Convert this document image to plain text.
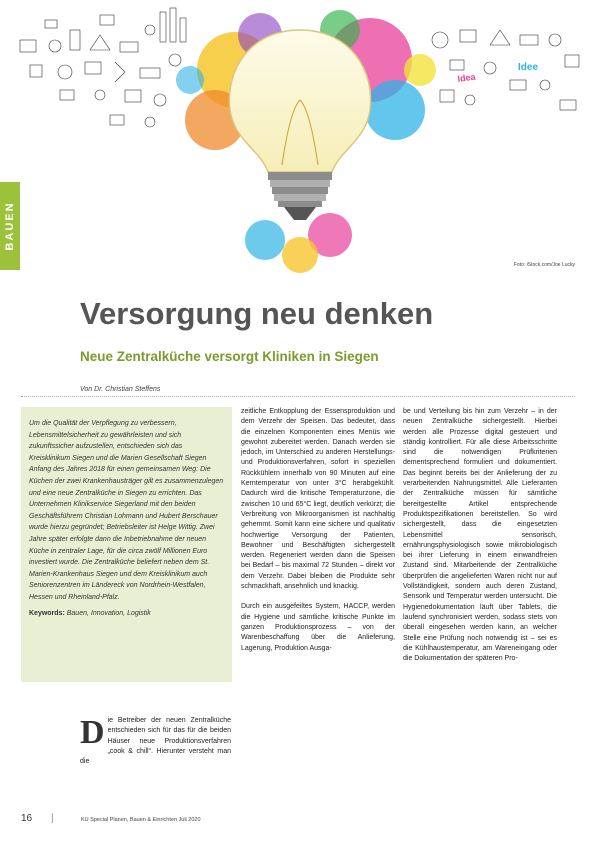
Idea
Idee
BAUEN
Foto: iStock.com/Joe Lucky
Versorgung neu denken
Neue Zentralküche versorgt Kliniken in Siegen
Von Dr. Christian Steffens

Um die Qualität der Verpflegung zu verbessern, Lebensmittelsicherheit zu gewährleisten und sich zukunftssicher aufzustellen, entschieden sich das Kreisklinikum Siegen und die Marien Gesellschaft Siegen Anfang des Jahres 2018 für einen gemeinsamen Weg: Die Küchen der zwei Krankenhausträger gilt es zusammenzulegen und eine neue Zentralküche in Siegen zu errichten. Das Unternehmen Klinikservice Siegerland mit den beiden Geschäftsführern Christian Lohmann und Hubert Berschauer wurde hierzu gegründet; Betriebsleiter ist Helge Wittig. Zwei Jahre später erfolgte dann die Inbetriebnahme der neuen Küche in zentraler Lage, für die circa zwölf Millionen Euro investiert wurde. Die Zentralküche beliefert neben dem St. Marien-Krankenhaus Siegen und dem Kreisklinikum auch Seniorenzentren im Ländereck von Nordrhein-Westfalen, Hessen und Rheinland-Pfalz.

Keywords: Bauen, Innovation, Logistik
D ie Betreiber der neuen Zentralküche entschieden sich für das für die beiden Häuser neue Produktionsverfahren „cook & chill“. Hierunter versteht man die

zeitliche Entkopplung der Essensproduktion und dem Verzehr der Speisen. Das bedeutet, dass die einzelnen Komponenten eines Menüs wie gewohnt zubereitet werden. Danach werden sie jedoch, im Unterschied zu anderen Herstellungs- und Produktionsverfahren, sofort in speziellen Rückkühlern innerhalb von 90 Minuten auf eine Kerntemperatur von unter 3°C herabgekühlt. Dadurch wird die kritische Temperaturzone, die zwischen 10 und 65°C liegt, deutlich verkürzt; die Verbreitung von Mikroorganismen ist nachhaltig gehemmt. Somit kann eine sichere und qualitativ hochwertige Versorgung der Patienten, Bewohner und Beschäftigten sichergestellt werden. Regeneriert werden dann die Speisen bei Bedarf – bis maximal 72 Stunden – direkt vor dem Verzehr. Dabei bleiben die Produkte sehr schmackhaft, ansehnlich und knackig.

Durch ein ausgefeiltes System, HACCP, werden die Hygiene und sämtliche kritische Punkte im ganzen Produktionsprozess – von der Warenbeschaffung über die Anlieferung, Lagerung, Produktion Ausga-

be und Verteilung bis hin zum Verzehr – in der neuen Zentralküche sichergestellt. Hierbei werden alle Prozesse digital gesteuert und ständig kontrolliert. Für alle diese Arbeitsschritte sind die notwendigen Prüfkriterien dementsprechend formuliert und dokumentiert. Das beginnt bereits bei der Anlieferung der zu verarbeitenden Nahrungsmittel. Alle Lieferanten der Zentralküche müssen für sämtliche bereitgestellte Artikel entsprechende Produktspezifikationen bereitstellen. So wird sichergestellt, dass die eingesetzten Lebensmittel sensorisch, ernährungsphysiologisch sowie mikrobiologisch bei ihrer Lieferung in einem einwandfreien Zustand sind. Mitarbeitende der Zentralküche überprüfen die angelieferten Waren nicht nur auf Vollständigkeit, sondern auch deren Zustand, Sensorik und Temperatur werden untersucht. Die Hygienedokumentation läuft über Tablets, die laufend synchronisiert werden, sodass stets von überall eingesehen werden kann, an welcher Stelle eine Prüfung noch notwendig ist – sei es die Kühlhaustemperatur, am Wareneingang oder die Dokumentation der späteren Pro-

16 |	KU Special Planen, Bauen & Einrichten Juli 2020
